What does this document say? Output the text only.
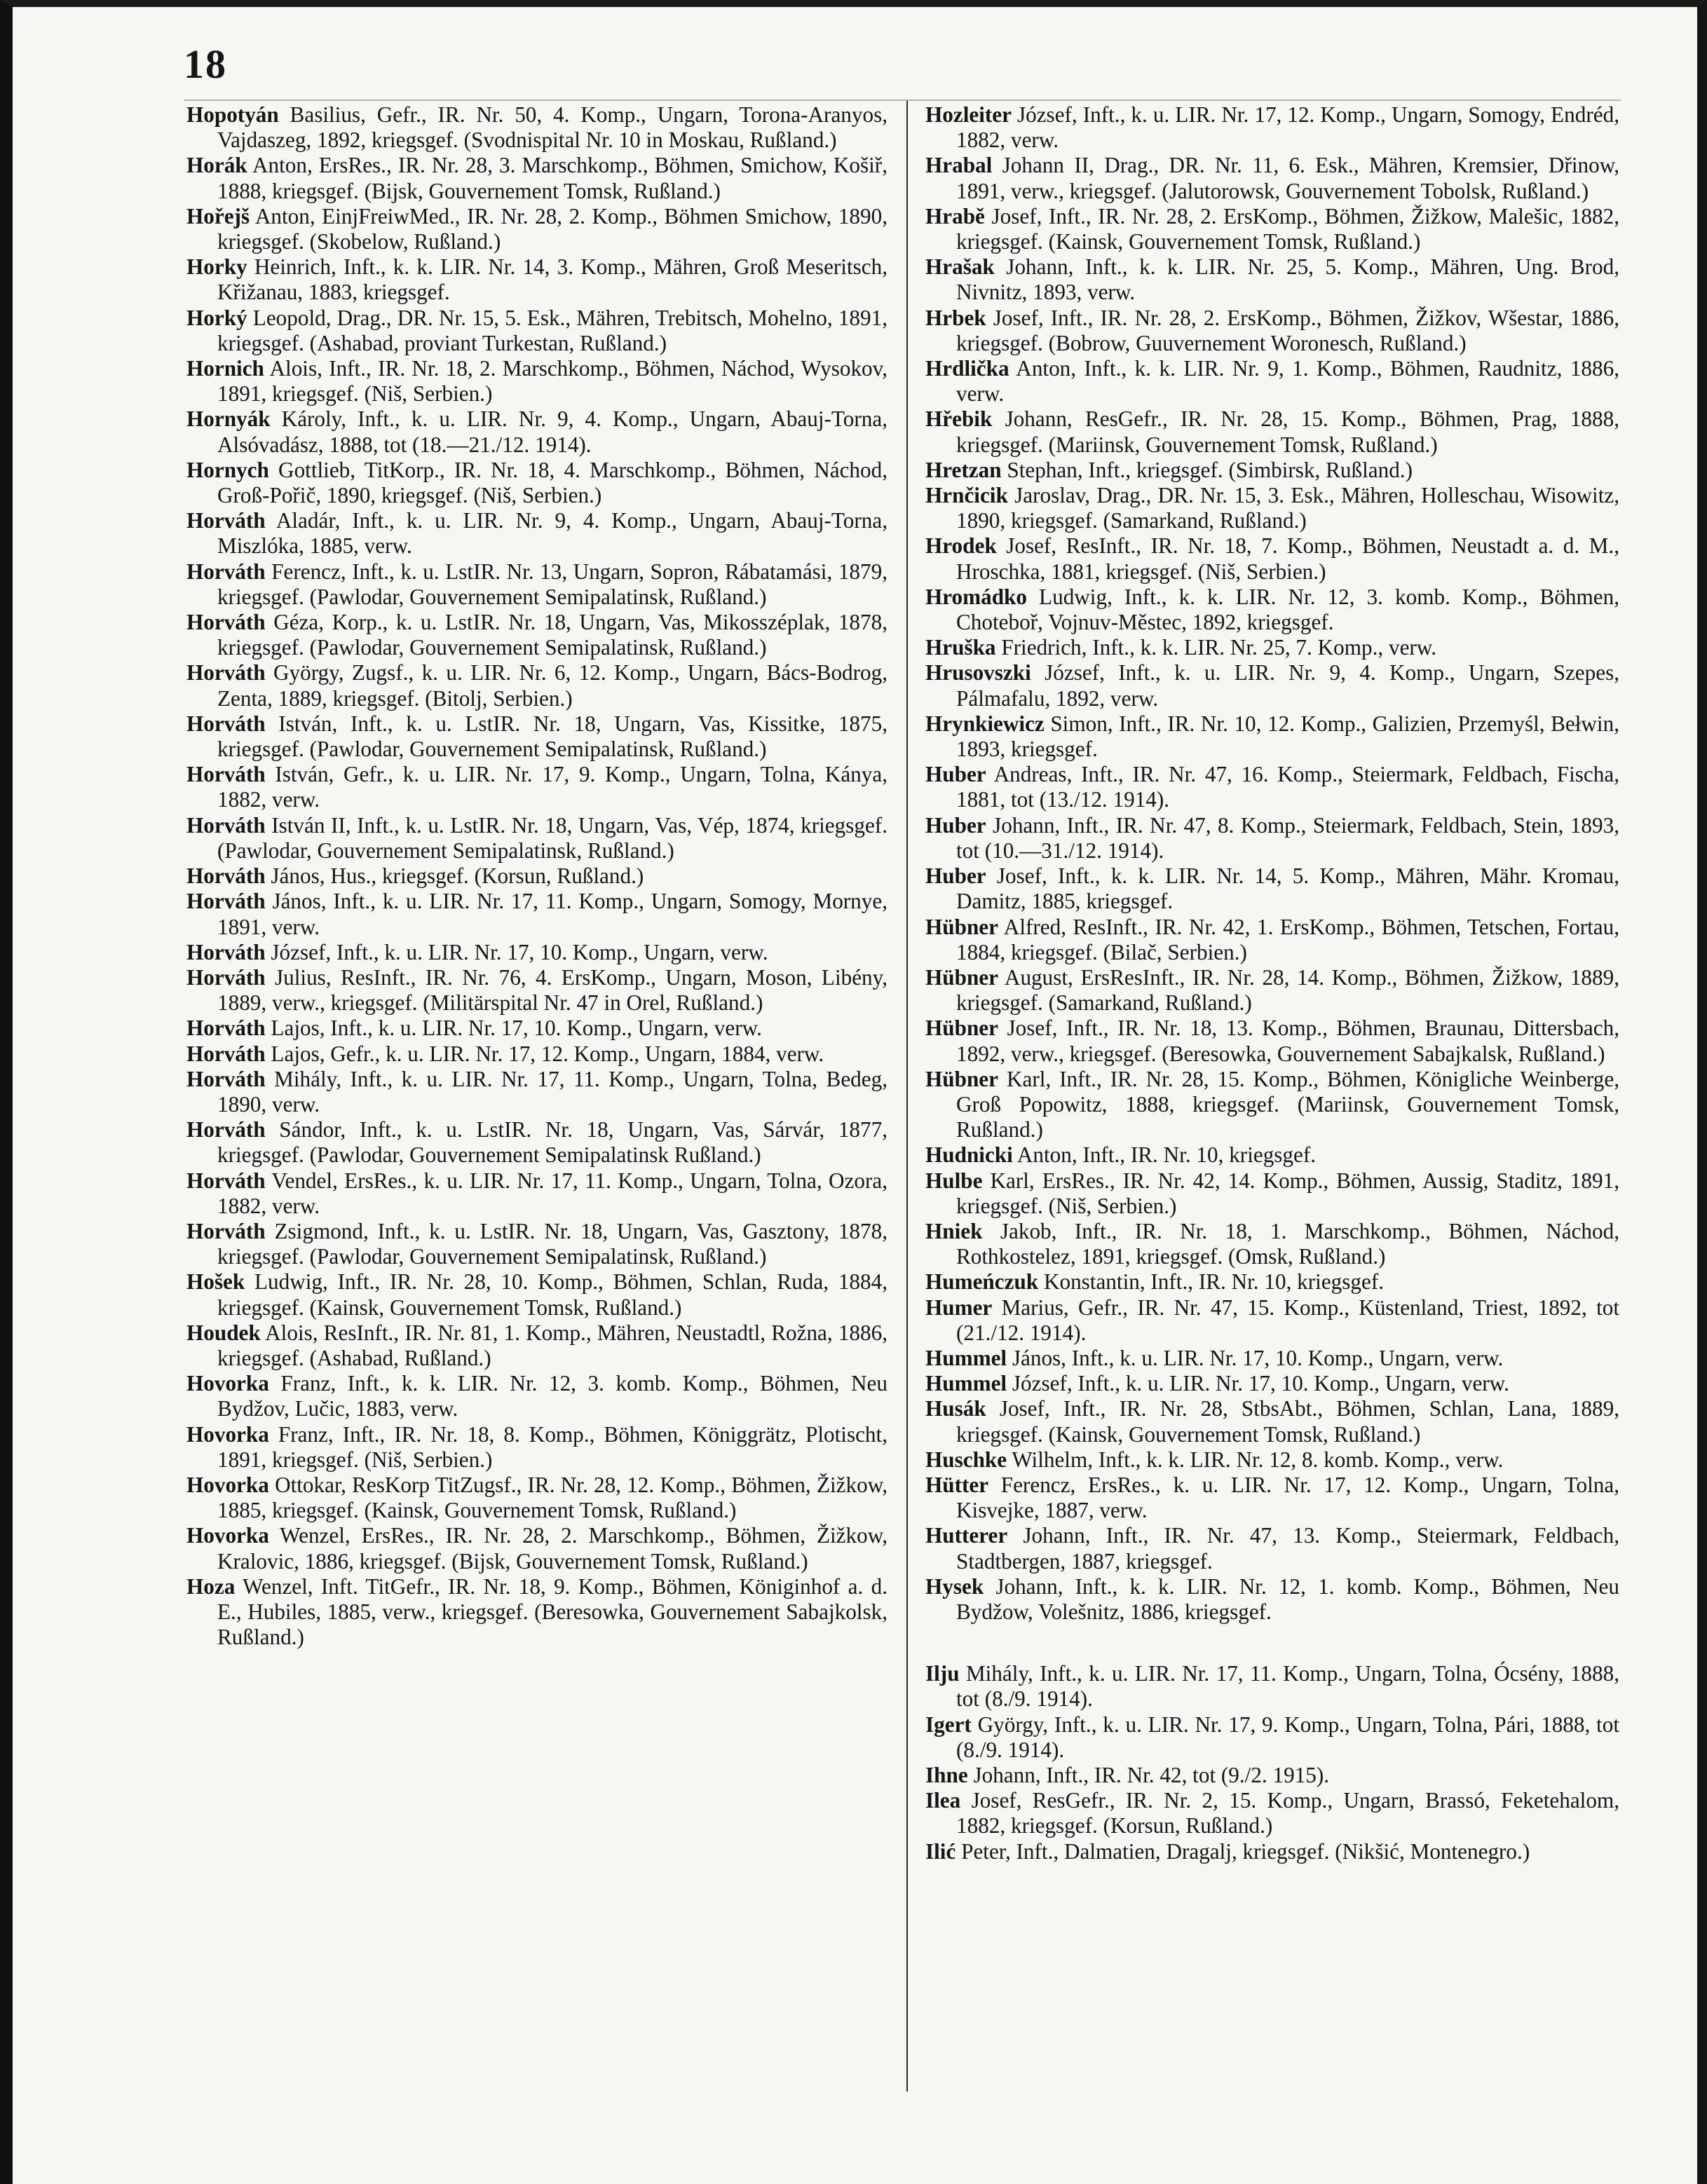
18

Hopotyán Basilius, Gefr., IR. Nr. 50, 4. Komp., Ungarn, Torona-Aranyos, Vajdaszeg, 1892, kriegsgef. (Svodnispital Nr. 10 in Moskau, Rußland.)

Horák Anton, ErsRes., IR. Nr. 28, 3. Marschkomp., Böhmen, Smichow, Košiř, 1888, kriegsgef. (Bijsk, Gouvernement Tomsk, Rußland.)

Hořejš Anton, EinjFreiwMed., IR. Nr. 28, 2. Komp., Böhmen Smichow, 1890, kriegsgef. (Skobelow, Rußland.)

Horky Heinrich, Inft., k. k. LIR. Nr. 14, 3. Komp., Mähren, Groß Meseritsch, Křižanau, 1883, kriegsgef.

Horký Leopold, Drag., DR. Nr. 15, 5. Esk., Mähren, Trebitsch, Mohelno, 1891, kriegsgef. (Ashabad, proviant Turkestan, Rußland.)

Hornich Alois, Inft., IR. Nr. 18, 2. Marschkomp., Böhmen, Náchod, Wysokov, 1891, kriegsgef. (Niš, Serbien.)

Hornyák Károly, Inft., k. u. LIR. Nr. 9, 4. Komp., Ungarn, Abauj-Torna, Alsóvadász, 1888, tot (18.—21./12. 1914).

Hornych Gottlieb, TitKorp., IR. Nr. 18, 4. Marschkomp., Böhmen, Náchod, Groß-Pořič, 1890, kriegsgef. (Niš, Serbien.)

Horváth Aladár, Inft., k. u. LIR. Nr. 9, 4. Komp., Ungarn, Abauj-Torna, Miszlóka, 1885, verw.

Horváth Ferencz, Inft., k. u. LstIR. Nr. 13, Ungarn, Sopron, Rábatamási, 1879, kriegsgef. (Pawlodar, Gouvernement Semipalatinsk, Rußland.)

Horváth Géza, Korp., k. u. LstIR. Nr. 18, Ungarn, Vas, Mikosszéplak, 1878, kriegsgef. (Pawlodar, Gouvernement Semipalatinsk, Rußland.)

Horváth György, Zugsf., k. u. LIR. Nr. 6, 12. Komp., Ungarn, Bács-Bodrog, Zenta, 1889, kriegsgef. (Bitolj, Serbien.)

Horváth István, Inft., k. u. LstIR. Nr. 18, Ungarn, Vas, Kissitke, 1875, kriegsgef. (Pawlodar, Gouvernement Semipalatinsk, Rußland.)

Horváth István, Gefr., k. u. LIR. Nr. 17, 9. Komp., Ungarn, Tolna, Kánya, 1882, verw.

Horváth István II, Inft., k. u. LstIR. Nr. 18, Ungarn, Vas, Vép, 1874, kriegsgef. (Pawlodar, Gouvernement Semipalatinsk, Rußland.)

Horváth János, Hus., kriegsgef. (Korsun, Rußland.)

Horváth János, Inft., k. u. LIR. Nr. 17, 11. Komp., Ungarn, Somogy, Mornye, 1891, verw.

Horváth József, Inft., k. u. LIR. Nr. 17, 10. Komp., Ungarn, verw.

Horváth Julius, ResInft., IR. Nr. 76, 4. ErsKomp., Ungarn, Moson, Libény, 1889, verw., kriegsgef. (Militärspital Nr. 47 in Orel, Rußland.)

Horváth Lajos, Inft., k. u. LIR. Nr. 17, 10. Komp., Ungarn, verw.

Horváth Lajos, Gefr., k. u. LIR. Nr. 17, 12. Komp., Ungarn, 1884, verw.

Horváth Mihály, Inft., k. u. LIR. Nr. 17, 11. Komp., Ungarn, Tolna, Bedeg, 1890, verw.

Horváth Sándor, Inft., k. u. LstIR. Nr. 18, Ungarn, Vas, Sárvár, 1877, kriegsgef. (Pawlodar, Gouvernement Semipalatinsk Rußland.)

Horváth Vendel, ErsRes., k. u. LIR. Nr. 17, 11. Komp., Ungarn, Tolna, Ozora, 1882, verw.

Horváth Zsigmond, Inft., k. u. LstIR. Nr. 18, Ungarn, Vas, Gasztony, 1878, kriegsgef. (Pawlodar, Gouvernement Semipalatinsk, Rußland.)

Hošek Ludwig, Inft., IR. Nr. 28, 10. Komp., Böhmen, Schlan, Ruda, 1884, kriegsgef. (Kainsk, Gouvernement Tomsk, Rußland.)

Houdek Alois, ResInft., IR. Nr. 81, 1. Komp., Mähren, Neustadtl, Rožna, 1886, kriegsgef. (Ashabad, Rußland.)

Hovorka Franz, Inft., k. k. LIR. Nr. 12, 3. komb. Komp., Böhmen, Neu Bydžov, Lučic, 1883, verw.

Hovorka Franz, Inft., IR. Nr. 18, 8. Komp., Böhmen, Königgrätz, Plotischt, 1891, kriegsgef. (Niš, Serbien.)

Hovorka Ottokar, ResKorp TitZugsf., IR. Nr. 28, 12. Komp., Böhmen, Žižkow, 1885, kriegsgef. (Kainsk, Gouvernement Tomsk, Rußland.)

Hovorka Wenzel, ErsRes., IR. Nr. 28, 2. Marschkomp., Böhmen, Žižkow, Kralovic, 1886, kriegsgef. (Bijsk, Gouvernement Tomsk, Rußland.)

Hoza Wenzel, Inft. TitGefr., IR. Nr. 18, 9. Komp., Böhmen, Königinhof a. d. E., Hubiles, 1885, verw., kriegsgef. (Beresowka, Gouvernement Sabajkolsk, Rußland.)

Hozleiter József, Inft., k. u. LIR. Nr. 17, 12. Komp., Ungarn, Somogy, Endréd, 1882, verw.

Hrabal Johann II, Drag., DR. Nr. 11, 6. Esk., Mähren, Kremsier, Dřinow, 1891, verw., kriegsgef. (Jalutorowsk, Gouvernement Tobolsk, Rußland.)

Hrabě Josef, Inft., IR. Nr. 28, 2. ErsKomp., Böhmen, Žižkow, Malešic, 1882, kriegsgef. (Kainsk, Gouvernement Tomsk, Rußland.)

Hrašak Johann, Inft., k. k. LIR. Nr. 25, 5. Komp., Mähren, Ung. Brod, Nivnitz, 1893, verw.

Hrbek Josef, Inft., IR. Nr. 28, 2. ErsKomp., Böhmen, Žižkov, Wšestar, 1886, kriegsgef. (Bobrow, Guuvernement Woronesch, Rußland.)

Hrdlička Anton, Inft., k. k. LIR. Nr. 9, 1. Komp., Böhmen, Raudnitz, 1886, verw.

Hřebik Johann, ResGefr., IR. Nr. 28, 15. Komp., Böhmen, Prag, 1888, kriegsgef. (Mariinsk, Gouvernement Tomsk, Rußland.)

Hretzan Stephan, Inft., kriegsgef. (Simbirsk, Rußland.)

Hrnčicik Jaroslav, Drag., DR. Nr. 15, 3. Esk., Mähren, Holleschau, Wisowitz, 1890, kriegsgef. (Samarkand, Rußland.)

Hrodek Josef, ResInft., IR. Nr. 18, 7. Komp., Böhmen, Neustadt a. d. M., Hroschka, 1881, kriegsgef. (Niš, Serbien.)

Hromádko Ludwig, Inft., k. k. LIR. Nr. 12, 3. komb. Komp., Böhmen, Chotebоř, Vojnuv-Městec, 1892, kriegsgef.

Hruška Friedrich, Inft., k. k. LIR. Nr. 25, 7. Komp., verw.

Hrusovszki József, Inft., k. u. LIR. Nr. 9, 4. Komp., Ungarn, Szepes, Pálmafalu, 1892, verw.

Hrynkiewicz Simon, Inft., IR. Nr. 10, 12. Komp., Galizien, Przemyśl, Bełwin, 1893, kriegsgef.

Huber Andreas, Inft., IR. Nr. 47, 16. Komp., Steiermark, Feldbach, Fischa, 1881, tot (13./12. 1914).

Huber Johann, Inft., IR. Nr. 47, 8. Komp., Steiermark, Feldbach, Stein, 1893, tot (10.—31./12. 1914).

Huber Josef, Inft., k. k. LIR. Nr. 14, 5. Komp., Mähren, Mähr. Kromau, Damitz, 1885, kriegsgef.

Hübner Alfred, ResInft., IR. Nr. 42, 1. ErsKomp., Böhmen, Tetschen, Fortau, 1884, kriegsgef. (Bilač, Serbien.)

Hübner August, ErsResInft., IR. Nr. 28, 14. Komp., Böhmen, Žižkow, 1889, kriegsgef. (Samarkand, Rußland.)

Hübner Josef, Inft., IR. Nr. 18, 13. Komp., Böhmen, Braunau, Dittersbach, 1892, verw., kriegsgef. (Beresowka, Gouvernement Sabajkalsk, Rußland.)

Hübner Karl, Inft., IR. Nr. 28, 15. Komp., Böhmen, Königliche Weinberge, Groß Popowitz, 1888, kriegsgef. (Mariinsk, Gouvernement Tomsk, Rußland.)

Hudnicki Anton, Inft., IR. Nr. 10, kriegsgef.

Hulbe Karl, ErsRes., IR. Nr. 42, 14. Komp., Böhmen, Aussig, Staditz, 1891, kriegsgef. (Niš, Serbien.)

Hniek Jakob, Inft., IR. Nr. 18, 1. Marschkomp., Böhmen, Náchod, Rothkostelez, 1891, kriegsgef. (Omsk, Rußland.)

Humeńczuk Konstantin, Inft., IR. Nr. 10, kriegsgef.

Humer Marius, Gefr., IR. Nr. 47, 15. Komp., Küstenland, Triest, 1892, tot (21./12. 1914).

Hummel János, Inft., k. u. LIR. Nr. 17, 10. Komp., Ungarn, verw.

Hummel József, Inft., k. u. LIR. Nr. 17, 10. Komp., Ungarn, verw.

Husák Josef, Inft., IR. Nr. 28, StbsAbt., Böhmen, Schlan, Lana, 1889, kriegsgef. (Kainsk, Gouvernement Tomsk, Rußland.)

Huschke Wilhelm, Inft., k. k. LIR. Nr. 12, 8. komb. Komp., verw.

Hütter Ferencz, ErsRes., k. u. LIR. Nr. 17, 12. Komp., Ungarn, Tolna, Kisvejke, 1887, verw.

Hutterer Johann, Inft., IR. Nr. 47, 13. Komp., Steiermark, Feldbach, Stadtbergen, 1887, kriegsgef.

Hysek Johann, Inft., k. k. LIR. Nr. 12, 1. komb. Komp., Böhmen, Neu Bydžow, Volešnitz, 1886, kriegsgef.

Ilju Mihály, Inft., k. u. LIR. Nr. 17, 11. Komp., Ungarn, Tolna, Ócsény, 1888, tot (8./9. 1914).

Igert György, Inft., k. u. LIR. Nr. 17, 9. Komp., Ungarn, Tolna, Pári, 1888, tot (8./9. 1914).

Ihne Johann, Inft., IR. Nr. 42, tot (9./2. 1915).

Ilea Josef, ResGefr., IR. Nr. 2, 15. Komp., Ungarn, Brassó, Feketehalom, 1882, kriegsgef. (Korsun, Rußland.)

Ilić Peter, Inft., Dalmatien, Dragalj, kriegsgef. (Nikšić, Montenegro.)
